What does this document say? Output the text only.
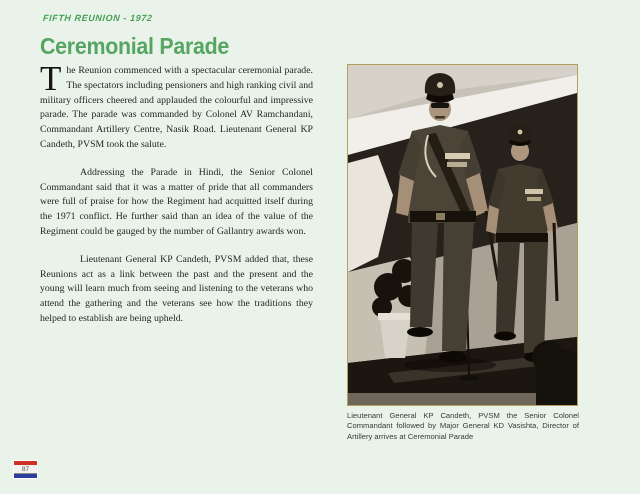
FIFTH REUNION - 1972
Ceremonial Parade

The Reunion commenced with a spectacular ceremonial parade. The spectators including pensioners and high ranking civil and military officers cheered and applauded the colourful and impressive parade. The parade was commanded by Colonel AV Ramchandani, Commandant Artillery Centre, Nasik Road. Lieutenant General KP Candeth, PVSM took the salute.

Addressing the Parade in Hindi, the Senior Colonel Commandant said that it was a matter of pride that all commanders were full of praise for how the Regiment had acquitted itself during the 1971 conflict. He further said than an idea of the value of the Regiment could be gauged by the number of Gallantry awards won.

Lieutenant General KP Candeth, PVSM added that, these Reunions act as a link between the past and the present and the young will learn much from seeing and listening to the veterans who attend the gathering and the veterans see how the traditions they helped to establish are being upheld.

Lieutenant General KP Candeth, PVSM the Senior Colonel Commandant followed by Major General KD Vasishta, Director of Artillery arrives at Ceremonial Parade
87
